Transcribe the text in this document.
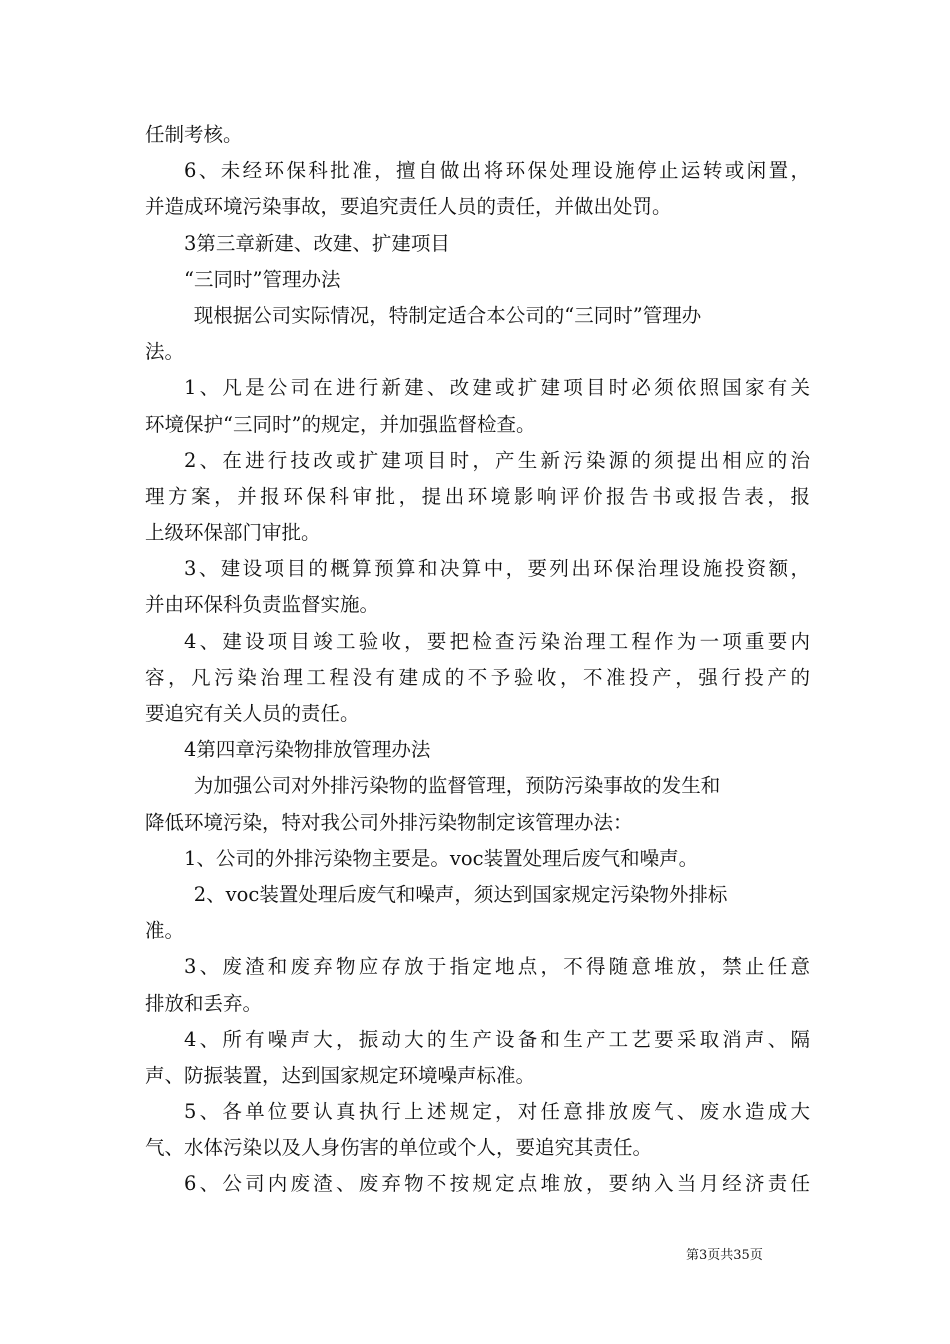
任制考核。
6、未经环保科批准，擅自做出将环保处理设施停止运转或闲置，
并造成环境污染事故，要追究责任人员的责任，并做出处罚。
3第三章新建、改建、扩建项目
“三同时”管理办法
现根据公司实际情况，特制定适合本公司的“三同时”管理办
法。
1、凡是公司在进行新建、改建或扩建项目时必须依照国家有关
环境保护“三同时”的规定，并加强监督检查。
2、在进行技改或扩建项目时，产生新污染源的须提出相应的治
理方案，并报环保科审批，提出环境影响评价报告书或报告表，报
上级环保部门审批。
3、建设项目的概算预算和决算中，要列出环保治理设施投资额，
并由环保科负责监督实施。
4、建设项目竣工验收，要把检查污染治理工程作为一项重要内
容，凡污染治理工程没有建成的不予验收，不准投产，强行投产的
要追究有关人员的责任。
4第四章污染物排放管理办法
为加强公司对外排污染物的监督管理，预防污染事故的发生和
降低环境污染，特对我公司外排污染物制定该管理办法：
1、公司的外排污染物主要是。voc装置处理后废气和噪声。
2、voc装置处理后废气和噪声，须达到国家规定污染物外排标
准。
3、废渣和废弃物应存放于指定地点，不得随意堆放，禁止任意
排放和丢弃。
4、所有噪声大，振动大的生产设备和生产工艺要采取消声、隔
声、防振装置，达到国家规定环境噪声标准。
5、各单位要认真执行上述规定，对任意排放废气、废水造成大
气、水体污染以及人身伤害的单位或个人，要追究其责任。
6、公司内废渣、废弃物不按规定点堆放，要纳入当月经济责任
第3页共35页
